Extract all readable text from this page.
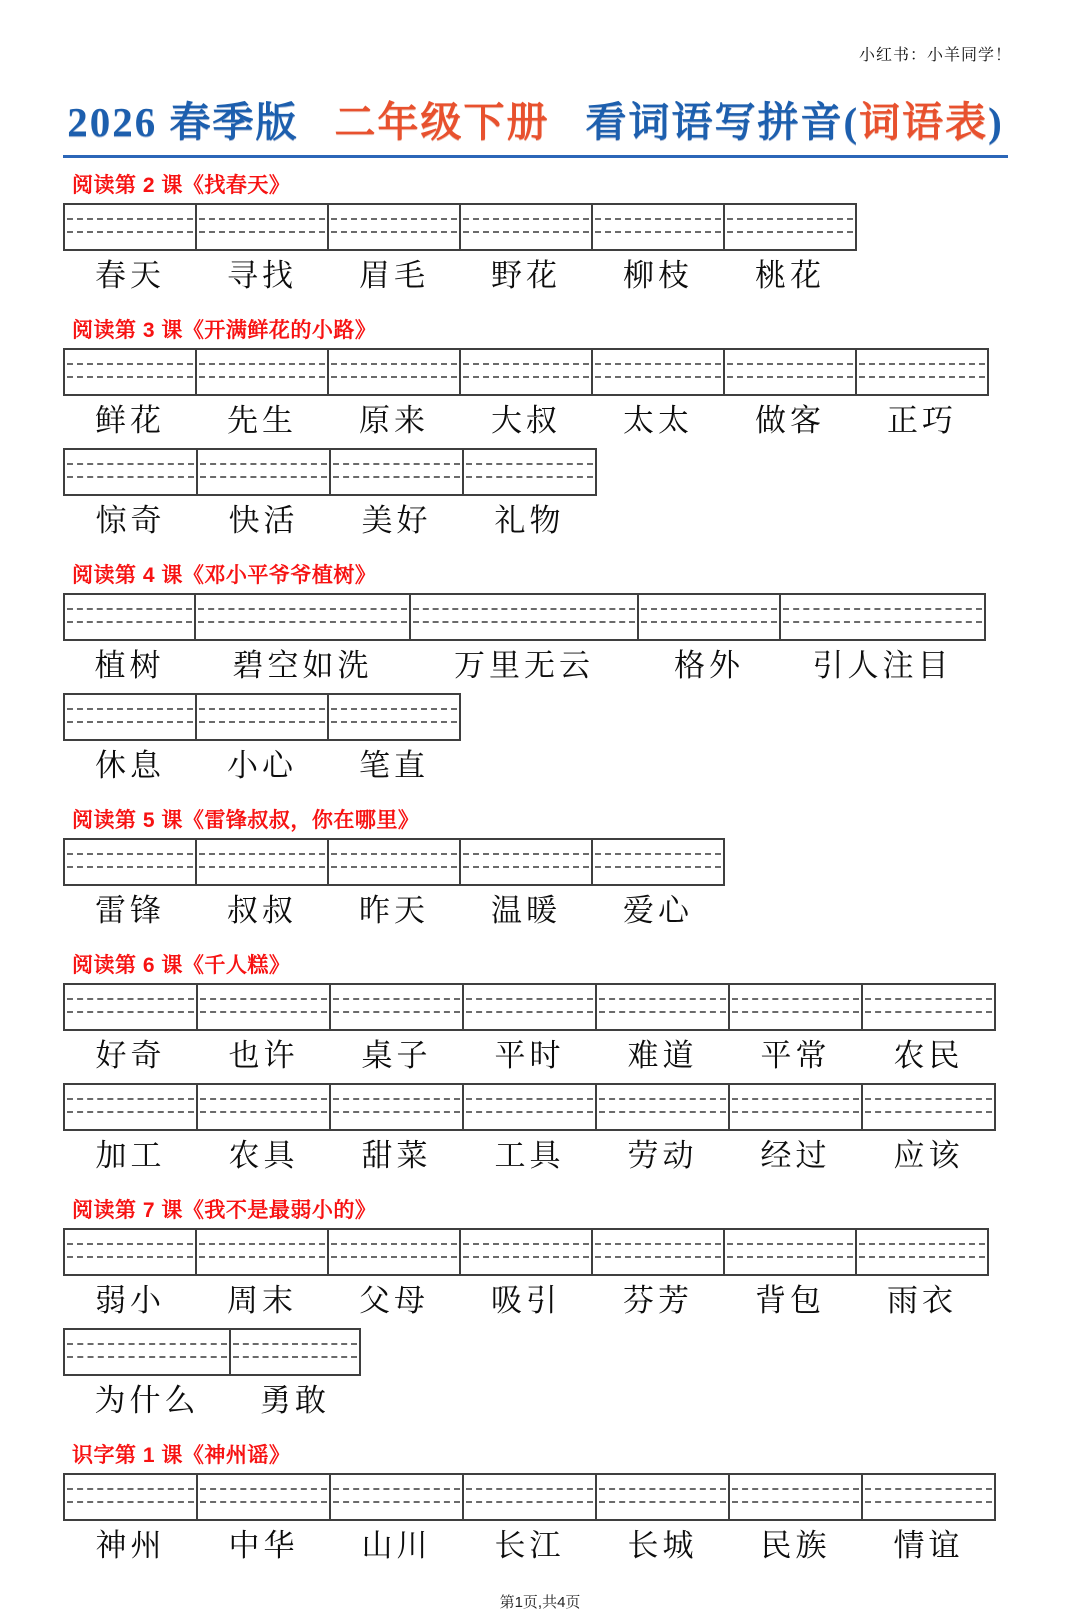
小红书：小羊同学！
2026 春季版 二年级下册 看词语写拼音(词语表)
阅读第 2 课《找春天》
春天	寻找	眉毛	野花	柳枝	桃花
阅读第 3 课《开满鲜花的小路》
鲜花	先生	原来	大叔	太太	做客	正巧
惊奇	快活	美好	礼物
阅读第 4 课《邓小平爷爷植树》
植树	碧空如洗	万里无云	格外	引人注目
休息	小心	笔直
阅读第 5 课《雷锋叔叔，你在哪里》
雷锋	叔叔	昨天	温暖	爱心
阅读第 6 课《千人糕》
好奇	也许	桌子	平时	难道	平常	农民
加工	农具	甜菜	工具	劳动	经过	应该
阅读第 7 课《我不是最弱小的》
弱小	周末	父母	吸引	芬芳	背包	雨衣
为什么	勇敢
识字第 1 课《神州谣》
神州	中华	山川	长江	长城	民族	情谊
第1页,共4页
